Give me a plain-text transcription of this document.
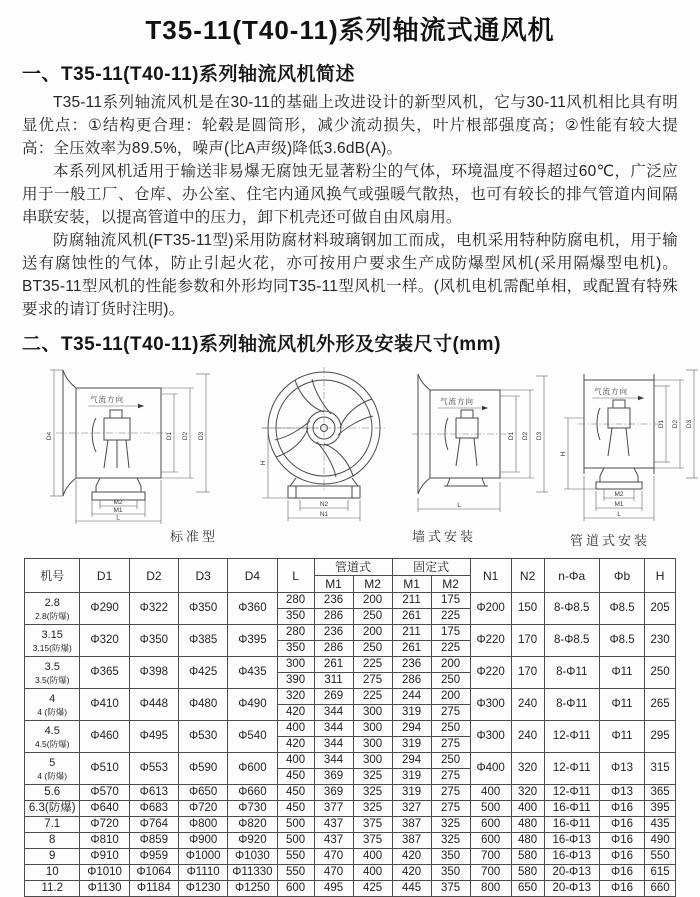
T35-11(T40-11)系列轴流式通风机
一、T35-11(T40-11)系列轴流风机简述

T35-11系列轴流风机是在30-11的基础上改进设计的新型风机，它与30-11风机相比具有明显优点：①结构更合理：轮毂是圆筒形，减少流动损失，叶片根部强度高；②性能有较大提高：全压效率为89.5%，噪声(比A声级)降低3.6dB(A)。

本系列风机适用于输送非易爆无腐蚀无显著粉尘的气体，环境温度不得超过60℃，广泛应用于一般工厂、仓库、办公室、住宅内通风换气或强暖气散热，也可有较长的排气管道内间隔串联安装，以提高管道中的压力，卸下机壳还可做自由风扇用。

防腐轴流风机(FT35-11型)采用防腐材料玻璃钢加工而成，电机采用特种防腐电机，用于输送有腐蚀性的气体，防止引起火花，亦可按用户要求生产成防爆型风机(采用隔爆型电机)。BT35-11型风机的性能参数和外形均同T35-11型风机一样。(风机电机需配单相，或配置有特殊要求的请订货时注明)。

二、T35-11(T40-11)系列轴流风机外形及安装尺寸(mm)
气流方向
D4	D1 D2 D3
M2
M1
L
H
N2
N1
气流方向
D1 D2 D3
L
气流方向
H
D1 D2 D3
M2
M1
L
标准型	墙式安装	管道式安装
机号	D1	D2	D3	D4	L	管道式		固定式		N1	N2	n-Φa	Φb	H
						M1	M2	M1	M2					

2.8
2.8(防爆)	Φ290	Φ322	Φ350	Φ360	280	236	200	211	175	Φ200	150	8-Φ8.5	Φ8.5	205
					350	286	250	261	225					

3.15
3.15(防爆)	Φ320	Φ350	Φ385	Φ395	280	236	200	211	175	Φ220	170	8-Φ8.5	Φ8.5	230
					350	286	250	261	225					

3.5
3.5(防爆)	Φ365	Φ398	Φ425	Φ435	300	261	225	236	200	Φ220	170	8-Φ11	Φ11	250
					390	311	275	286	250					

4
4 (防爆)	Φ410	Φ448	Φ480	Φ490	320	269	225	244	200	Φ300	240	8-Φ11	Φ11	265
					420	344	300	319	275					

4.5
4.5(防爆)	Φ460	Φ495	Φ530	Φ540	400	344	300	294	250	Φ300	240	12-Φ11	Φ11	295
					420	344	300	319	275					

5
4 (防爆)	Φ510	Φ553	Φ590	Φ600	400	344	300	294	250	Φ400	320	12-Φ11	Φ13	315
					450	369	325	319	275					
5.6	Φ570	Φ613	Φ650	Φ660	450	369	325	319	275	400	320	12-Φ11	Φ13	365
6.3(防爆)	Φ640	Φ683	Φ720	Φ730	450	377	325	327	275	500	400	16-Φ11	Φ16	395
7.1	Φ720	Φ764	Φ800	Φ820	500	437	375	387	325	600	480	16-Φ11	Φ16	435
8	Φ810	Φ859	Φ900	Φ920	500	437	375	387	325	600	480	16-Φ13	Φ16	490
9	Φ910	Φ959	Φ1000	Φ1030	550	470	400	420	350	700	580	16-Φ13	Φ16	550
10	Φ1010	Φ1064	Φ1110	Φ11330	550	470	400	420	350	700	580	20-Φ13	Φ16	615
11.2	Φ1130	Φ1184	Φ1230	Φ1250	600	495	425	445	375	800	650	20-Φ13	Φ16	660
